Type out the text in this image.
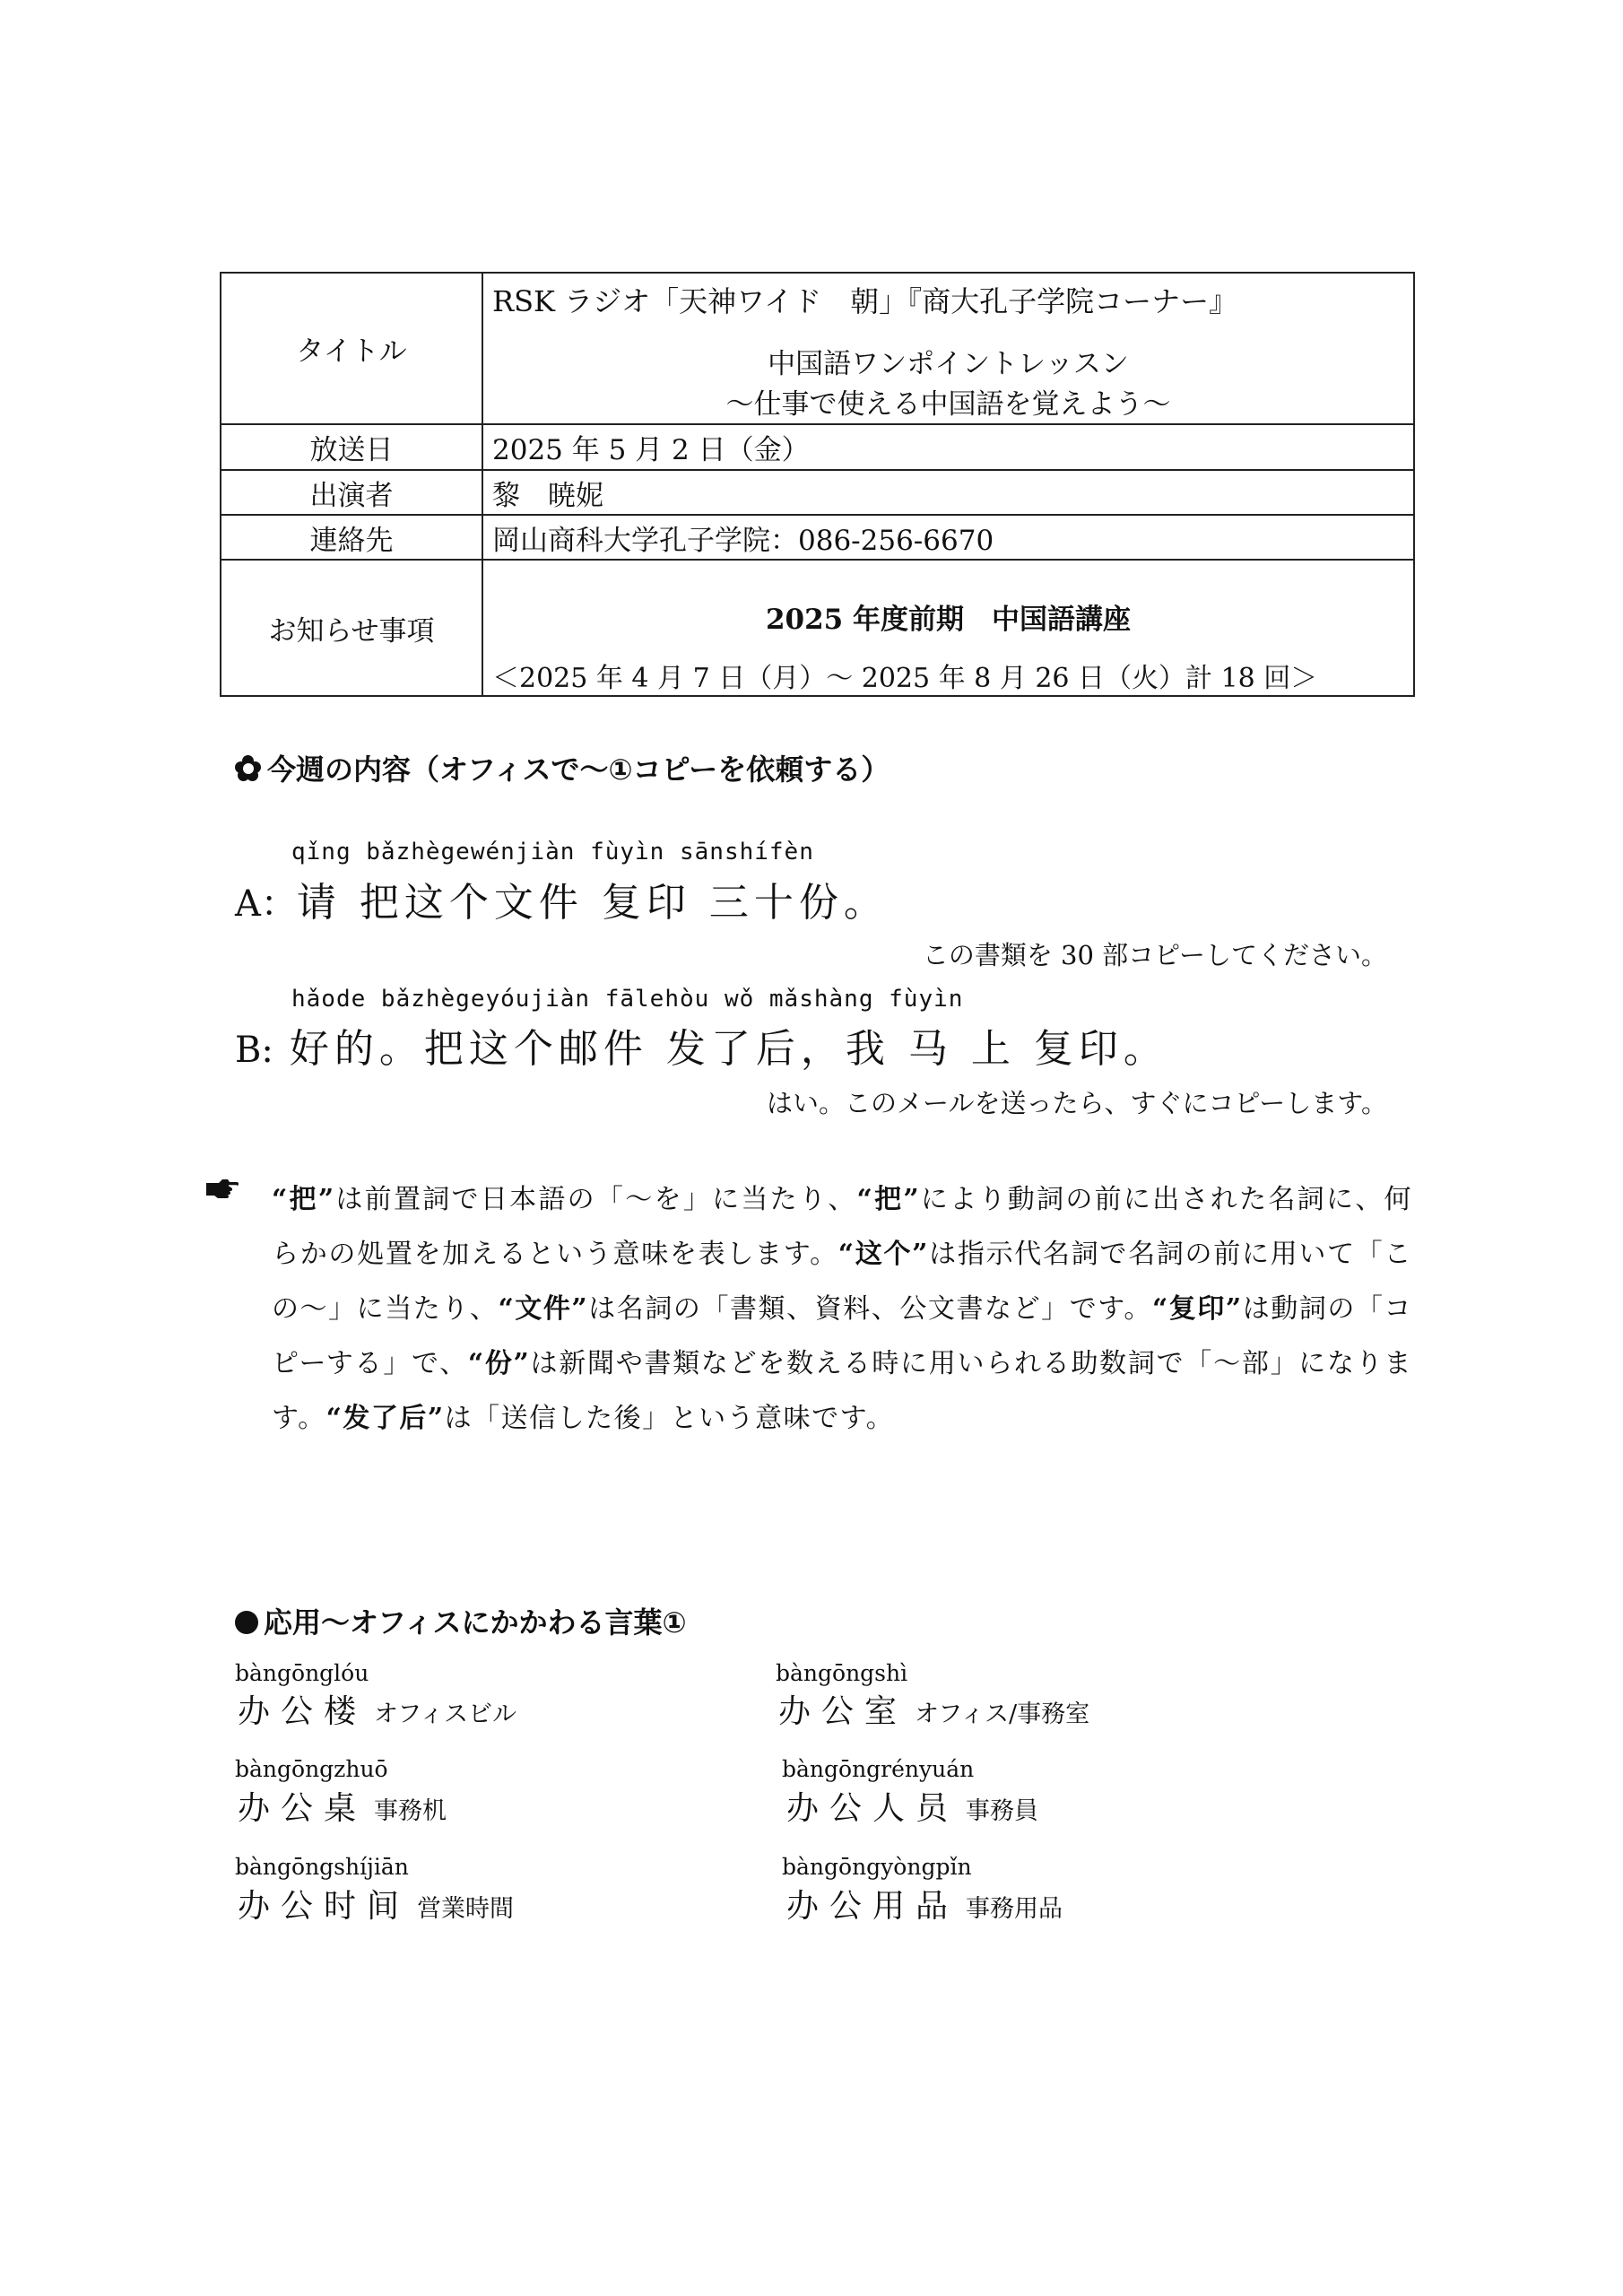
タイトル	RSK ラジオ「天神ワイド　朝」『商大孔子学院コーナー』
中国語ワンポイントレッスン
～仕事で使える中国語を覚えよう～

放送日	2025 年 5 月 2 日（金）
出演者	黎　暁妮
連絡先	岡山商科大学孔子学院：086-256-6670
お知らせ事項	2025 年度前期　中国語講座
＜2025 年 4 月 7 日（月）～ 2025 年 8 月 26 日（火）計 18 回＞
今週の内容（オフィスで～①コピーを依頼する）
qǐng bǎzhègewénjiàn fùyìn sānshífèn
A：请 把这个文件 复印 三十份。
この書類を 30 部コピーしてください。
hǎode bǎzhègeyóujiàn fālehòu wǒ mǎshàng fùyìn
B: 好的。把这个邮件 发了后，我 马 上 复印。
はい。このメールを送ったら、すぐにコピーします。
“把”は前置詞で日本語の「～を」に当たり、“把”により動詞の前に出された名詞に、何らかの処置を加えるという意味を表します。“这个”は指示代名詞で名詞の前に用いて「この～」に当たり、“文件”は名詞の「書類、資料、公文書など」です。“复印”は動詞の「コピーする」で、“份”は新聞や書類などを数える時に用いられる助数詞で「～部」になります。“发了后”は「送信した後」という意味です。
応用～オフィスにかかわる言葉①
bàngōnglóu
办公楼 オフィスビル
bàngōngshì
办公室 オフィス/事務室
bàngōngzhuō
办公桌 事務机
bàngōngrényuán
办公人员 事務員
bàngōngshíjiān
办公时间 営業時間
bàngōngyòngpǐn
办公用品 事務用品
